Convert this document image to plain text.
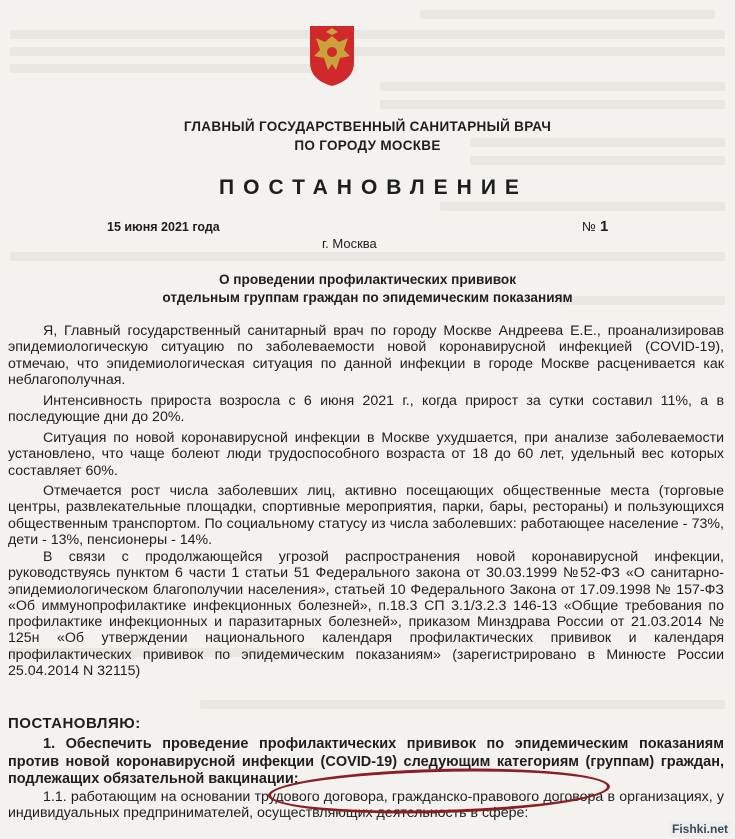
ГЛАВНЫЙ ГОСУДАРСТВЕННЫЙ САНИТАРНЫЙ ВРАЧ
ПО ГОРОДУ МОСКВЕ
ПОСТАНОВЛЕНИЕ
15 июня 2021 года	№ 1
г. Москва
О проведении профилактических прививок
отдельным группам граждан по эпидемическим показаниям

Я, Главный государственный санитарный врач по городу Москве Андреева Е.Е., проанализировав эпидемиологическую ситуацию по заболеваемости новой коронавирусной инфекцией (COVID-19), отмечаю, что эпидемиологическая ситуация по данной инфекции в городе Москве расценивается как неблагополучная.

Интенсивность прироста возросла с 6 июня 2021 г., когда прирост за сутки составил 11%, а в последующие дни до 20%.

Ситуация по новой коронавирусной инфекции в Москве ухудшается, при анализе заболеваемости установлено, что чаще болеют люди трудоспособного возраста от 18 до 60 лет, удельный вес которых составляет 60%.

Отмечается рост числа заболевших лиц, активно посещающих общественные места (торговые центры, развлекательные площадки, спортивные мероприятия, парки, бары, рестораны) и пользующихся общественным транспортом. По социальному статусу из числа заболевших: работающее население - 73%, дети - 13%, пенсионеры - 14%.

В связи с продолжающейся угрозой распространения новой коронавирусной инфекции, руководствуясь пунктом 6 части 1 статьи 51 Федерального закона от 30.03.1999 №52-ФЗ «О санитарно-эпидемиологическом благополучии населения», статьей 10 Федерального Закона от 17.09.1998 № 157-ФЗ «Об иммунопрофилактике инфекционных болезней», п.18.3 СП 3.1/3.2.3 146-13 «Общие требования по профилактике инфекционных и паразитарных болезней», приказом Минздрава России от 21.03.2014 № 125н «Об утверждении национального календаря профилактических прививок и календаря профилактических прививок по эпидемическим показаниям» (зарегистрировано в Минюсте России 25.04.2014 N 32115)

ПОСТАНОВЛЯЮ:

1. Обеспечить проведение профилактических прививок по эпидемическим показаниям против новой коронавирусной инфекции (COVID-19) следующим категориям (группам) граждан, подлежащих обязательной вакцинации:

1.1. работающим на основании трудового договора, гражданско-правового договора в организациях, у индивидуальных предпринимателей, осуществляющих деятельность в сфере:

Fishki.net
